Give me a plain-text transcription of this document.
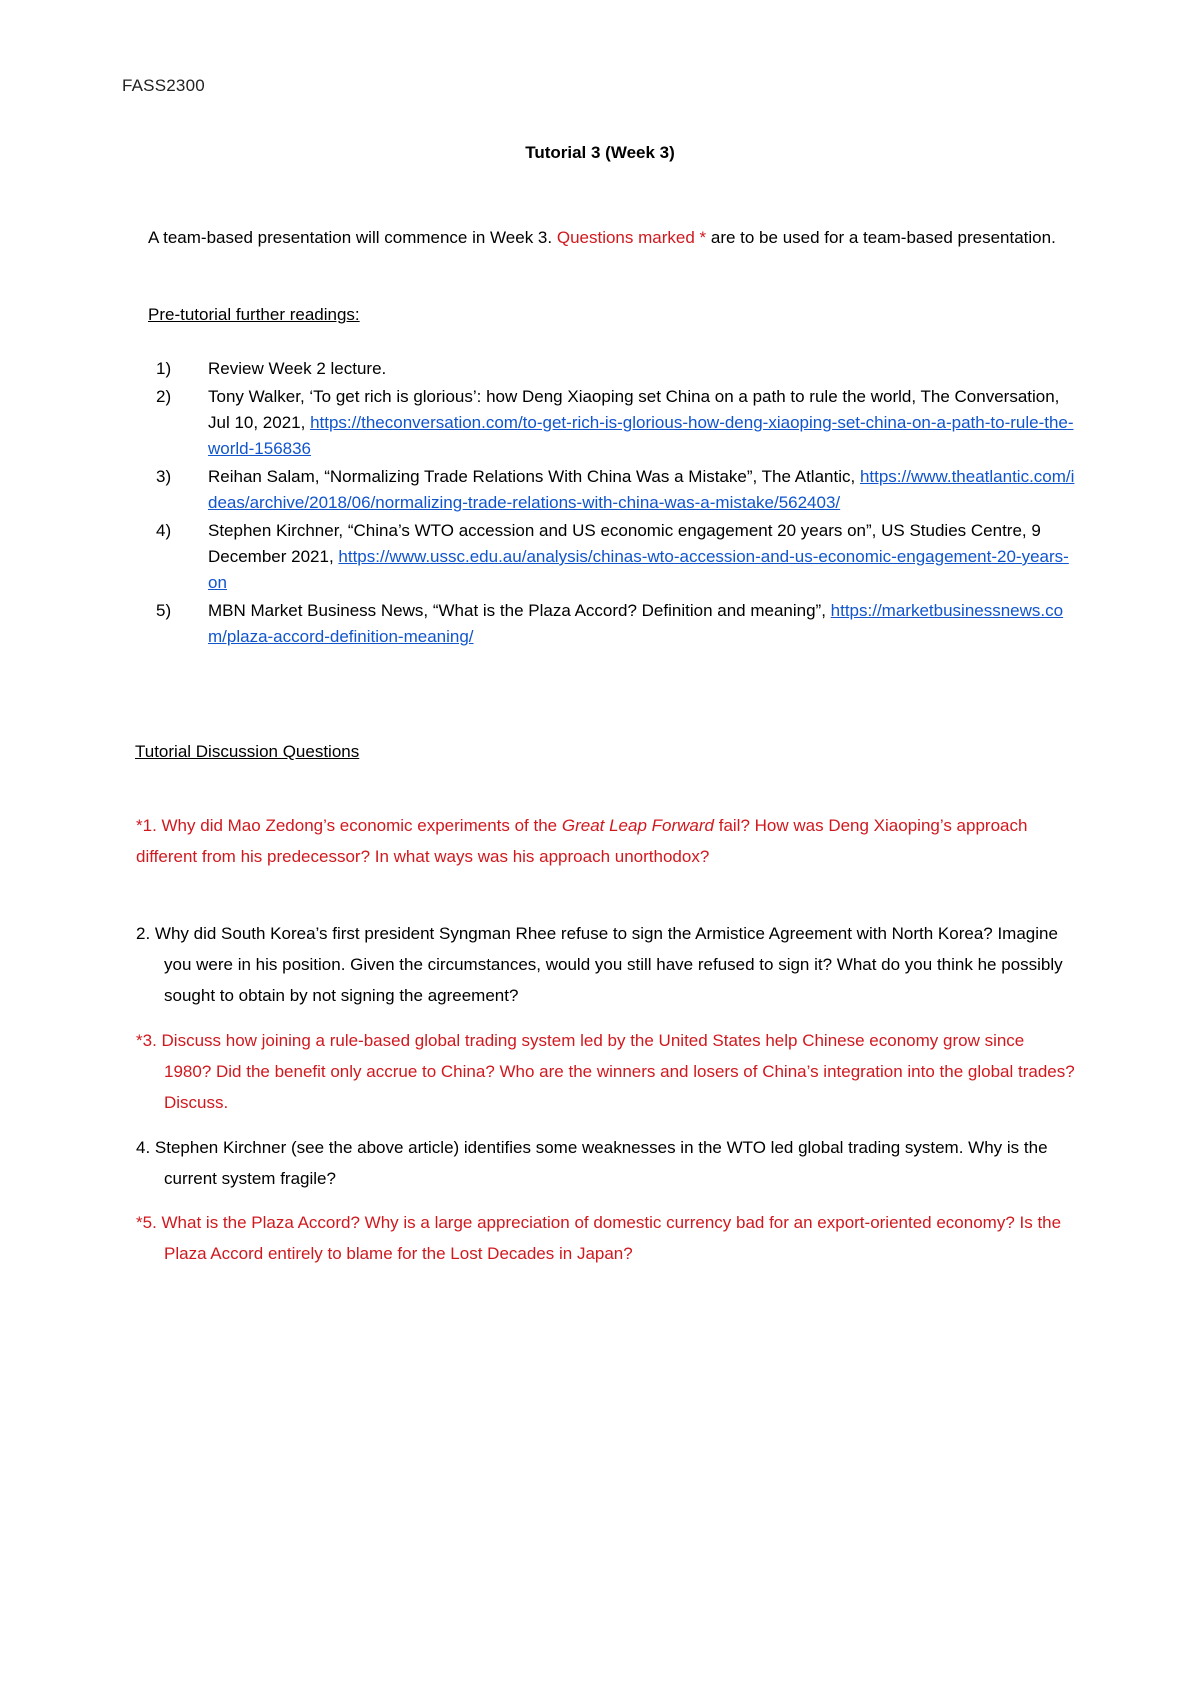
FASS2300
Tutorial 3 (Week 3)
A team-based presentation will commence in Week 3. Questions marked * are to be used for a team-based presentation.
Pre-tutorial further readings:
1) Review Week 2 lecture.
2) Tony Walker, ‘To get rich is glorious’: how Deng Xiaoping set China on a path to rule the world, The Conversation, Jul 10, 2021, https://theconversation.com/to-get-rich-is-glorious-how-deng-xiaoping-set-china-on-a-path-to-rule-the-world-156836
3) Reihan Salam, “Normalizing Trade Relations With China Was a Mistake”, The Atlantic, https://www.theatlantic.com/ideas/archive/2018/06/normalizing-trade-relations-with-china-was-a-mistake/562403/
4) Stephen Kirchner, “China’s WTO accession and US economic engagement 20 years on”, US Studies Centre, 9 December 2021, https://www.ussc.edu.au/analysis/chinas-wto-accession-and-us-economic-engagement-20-years-on
5) MBN Market Business News, “What is the Plaza Accord? Definition and meaning”, https://marketbusinessnews.com/plaza-accord-definition-meaning/
Tutorial Discussion Questions
*1. Why did Mao Zedong’s economic experiments of the Great Leap Forward fail? How was Deng Xiaoping’s approach different from his predecessor? In what ways was his approach unorthodox?
2. Why did South Korea’s first president Syngman Rhee refuse to sign the Armistice Agreement with North Korea? Imagine you were in his position. Given the circumstances, would you still have refused to sign it? What do you think he possibly sought to obtain by not signing the agreement?
*3. Discuss how joining a rule-based global trading system led by the United States help Chinese economy grow since 1980? Did the benefit only accrue to China? Who are the winners and losers of China’s integration into the global trades? Discuss.
4. Stephen Kirchner (see the above article) identifies some weaknesses in the WTO led global trading system. Why is the current system fragile?
*5. What is the Plaza Accord? Why is a large appreciation of domestic currency bad for an export-oriented economy? Is the Plaza Accord entirely to blame for the Lost Decades in Japan?
